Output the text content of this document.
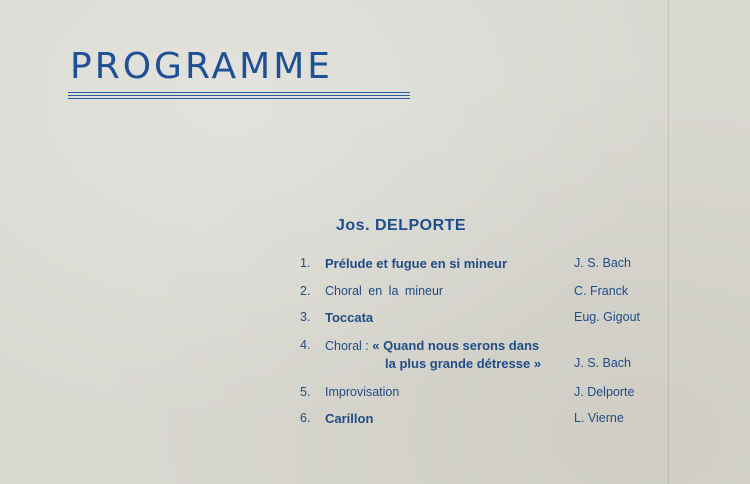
PROGRAMME
Jos. DELPORTE
1. Prélude et fugue en si mineur	J. S. Bach
2. Choral en la mineur	C. Franck
3. Toccata	Eug. Gigout
4. Choral : « Quand nous serons dans
la plus grande détresse »	J. S. Bach
5. Improvisation	J. Delporte
6. Carillon	L. Vierne
